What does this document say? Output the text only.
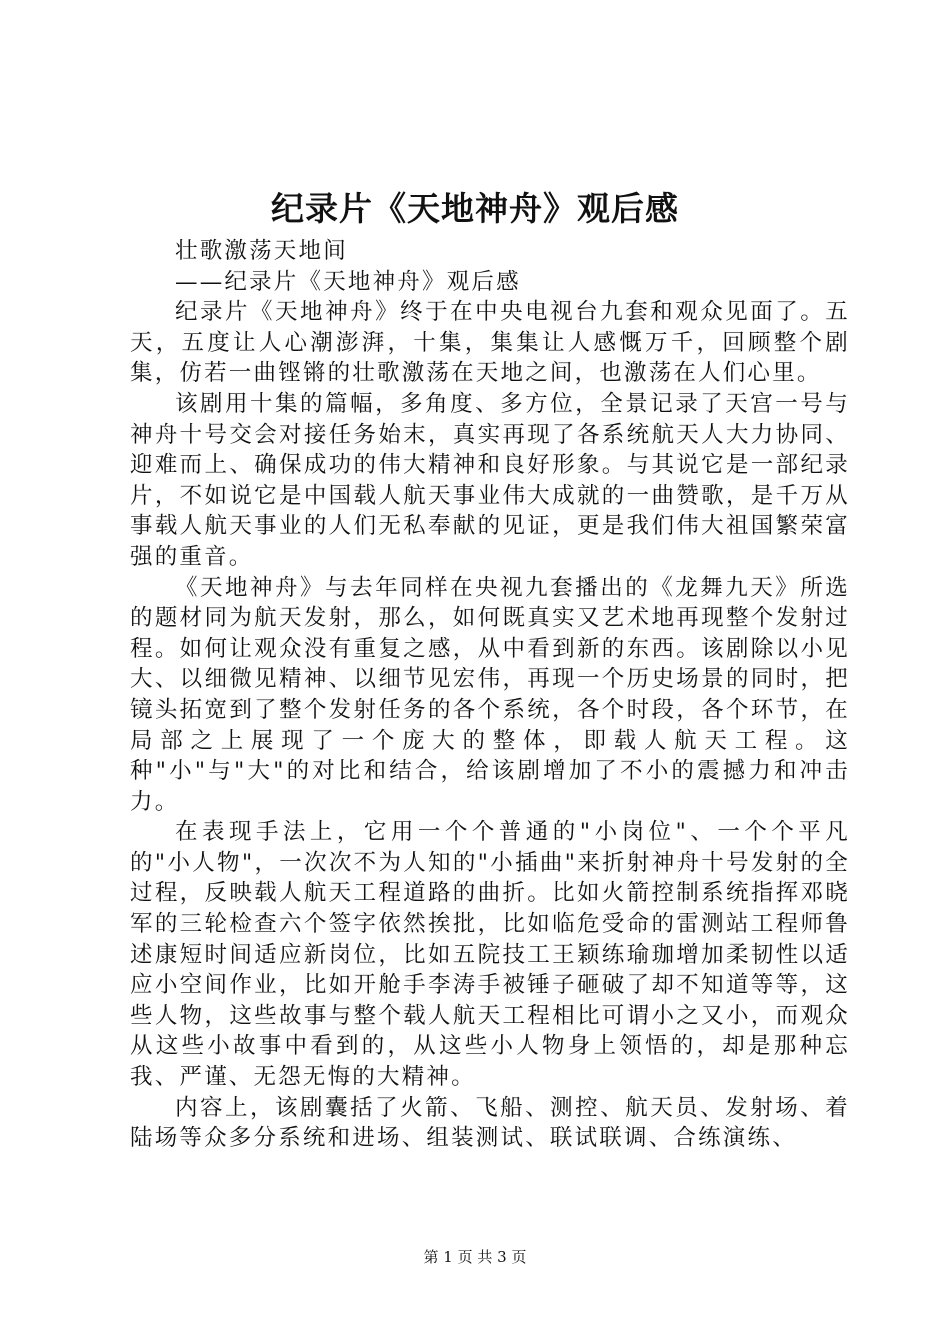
纪录片《天地神舟》观后感

壮歌激荡天地间

——纪录片《天地神舟》观后感

纪录片《天地神舟》终于在中央电视台九套和观众见面了。五天，五度让人心潮澎湃，十集，集集让人感慨万千，回顾整个剧集，仿若一曲铿锵的壮歌激荡在天地之间，也激荡在人们心里。

该剧用十集的篇幅，多角度、多方位，全景记录了天宫一号与神舟十号交会对接任务始末，真实再现了各系统航天人大力协同、迎难而上、确保成功的伟大精神和良好形象。与其说它是一部纪录片，不如说它是中国载人航天事业伟大成就的一曲赞歌，是千万从事载人航天事业的人们无私奉献的见证，更是我们伟大祖国繁荣富强的重音。

《天地神舟》与去年同样在央视九套播出的《龙舞九天》所选的题材同为航天发射，那么，如何既真实又艺术地再现整个发射过程。如何让观众没有重复之感，从中看到新的东西。该剧除以小见大、以细微见精神、以细节见宏伟，再现一个历史场景的同时，把镜头拓宽到了整个发射任务的各个系统，各个时段，各个环节，在局部之上展现了一个庞大的整体，即载人航天工程。这种"小"与"大"的对比和结合，给该剧增加了不小的震撼力和冲击力。

在表现手法上，它用一个个普通的"小岗位"、一个个平凡的"小人物"，一次次不为人知的"小插曲"来折射神舟十号发射的全过程，反映载人航天工程道路的曲折。比如火箭控制系统指挥邓晓军的三轮检查六个签字依然挨批，比如临危受命的雷测站工程师鲁述康短时间适应新岗位，比如五院技工王颖练瑜珈增加柔韧性以适应小空间作业，比如开舱手李涛手被锤子砸破了却不知道等等，这些人物，这些故事与整个载人航天工程相比可谓小之又小，而观众从这些小故事中看到的，从这些小人物身上领悟的，却是那种忘我、严谨、无怨无悔的大精神。

内容上，该剧囊括了火箭、飞船、测控、航天员、发射场、着陆场等众多分系统和进场、组装测试、联试联调、合练演练、

第 1 页 共 3 页
